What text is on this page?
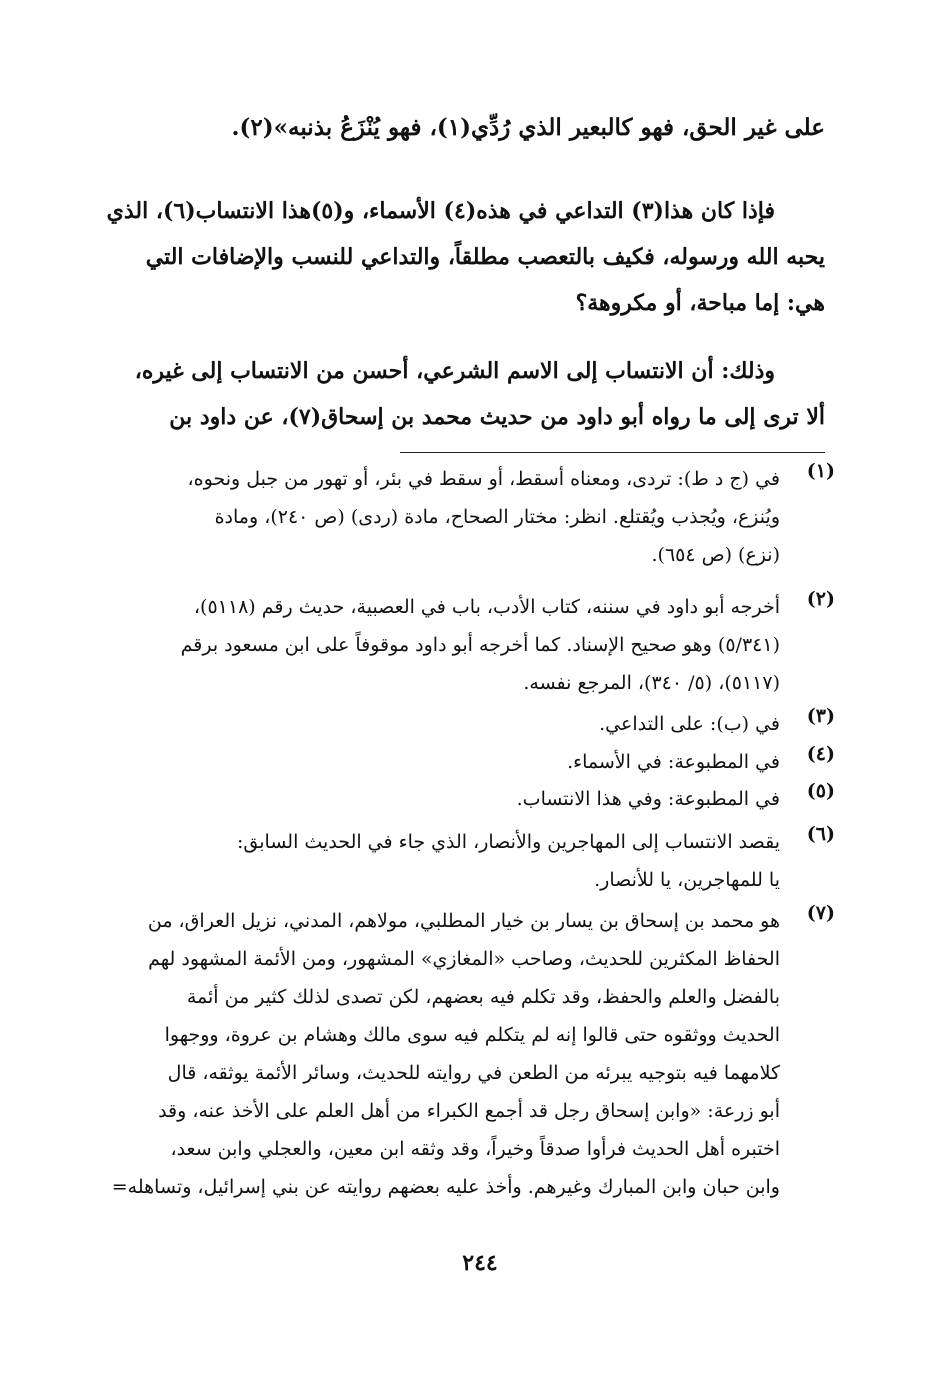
على غير الحق، فهو كالبعير الذي رُدِّي(١)، فهو يُنْزَعُ بذنبه»(٢).
فإذا كان هذا(٣) التداعي في هذه(٤) الأسماء، و(٥)هذا الانتساب(٦)، الذي
يحبه الله ورسوله، فكيف بالتعصب مطلقاً، والتداعي للنسب والإضافات التي
هي: إما مباحة، أو مكروهة؟
وذلك: أن الانتساب إلى الاسم الشرعي، أحسن من الانتساب إلى غيره،
ألا ترى إلى ما رواه أبو داود من حديث محمد بن إسحاق(٧)، عن داود بن
(١)
في (ج د ط): تردى، ومعناه أسقط، أو سقط في بئر، أو تهور من جبل ونحوه،
ويُنزع، ويُجذب ويُقتلع. انظر: مختار الصحاح، مادة (ردى) (ص ٢٤٠)، ومادة
(نزع) (ص ٦٥٤).
(٢)
أخرجه أبو داود في سننه، كتاب الأدب، باب في العصبية، حديث رقم (٥١١٨)،
(٥/٣٤١) وهو صحيح الإسناد. كما أخرجه أبو داود موقوفاً على ابن مسعود برقم
(٥١١٧)، (٥/ ٣٤٠)، المرجع نفسه.
(٣)
في (ب): على التداعي.
(٤)
في المطبوعة: في الأسماء.
(٥)
في المطبوعة: وفي هذا الانتساب.
(٦)
يقصد الانتساب إلى المهاجرين والأنصار، الذي جاء في الحديث السابق:
يا للمهاجرين، يا للأنصار.
(٧)
هو محمد بن إسحاق بن يسار بن خيار المطلبي، مولاهم، المدني، نزيل العراق، من
الحفاظ المكثرين للحديث، وصاحب «المغازي» المشهور، ومن الأئمة المشهود لهم
بالفضل والعلم والحفظ، وقد تكلم فيه بعضهم، لكن تصدى لذلك كثير من أئمة
الحديث ووثقوه حتى قالوا إنه لم يتكلم فيه سوى مالك وهشام بن عروة، ووجهوا
كلامهما فيه بتوجيه يبرئه من الطعن في روايته للحديث، وسائر الأئمة يوثقه، قال
أبو زرعة: «وابن إسحاق رجل قد أجمع الكبراء من أهل العلم على الأخذ عنه، وقد
اختبره أهل الحديث فرأوا صدقاً وخيراً، وقد وثقه ابن معين، والعجلي وابن سعد،
وابن حبان وابن المبارك وغيرهم. وأخذ عليه بعضهم روايته عن بني إسرائيل، وتساهله=
٢٤٤
